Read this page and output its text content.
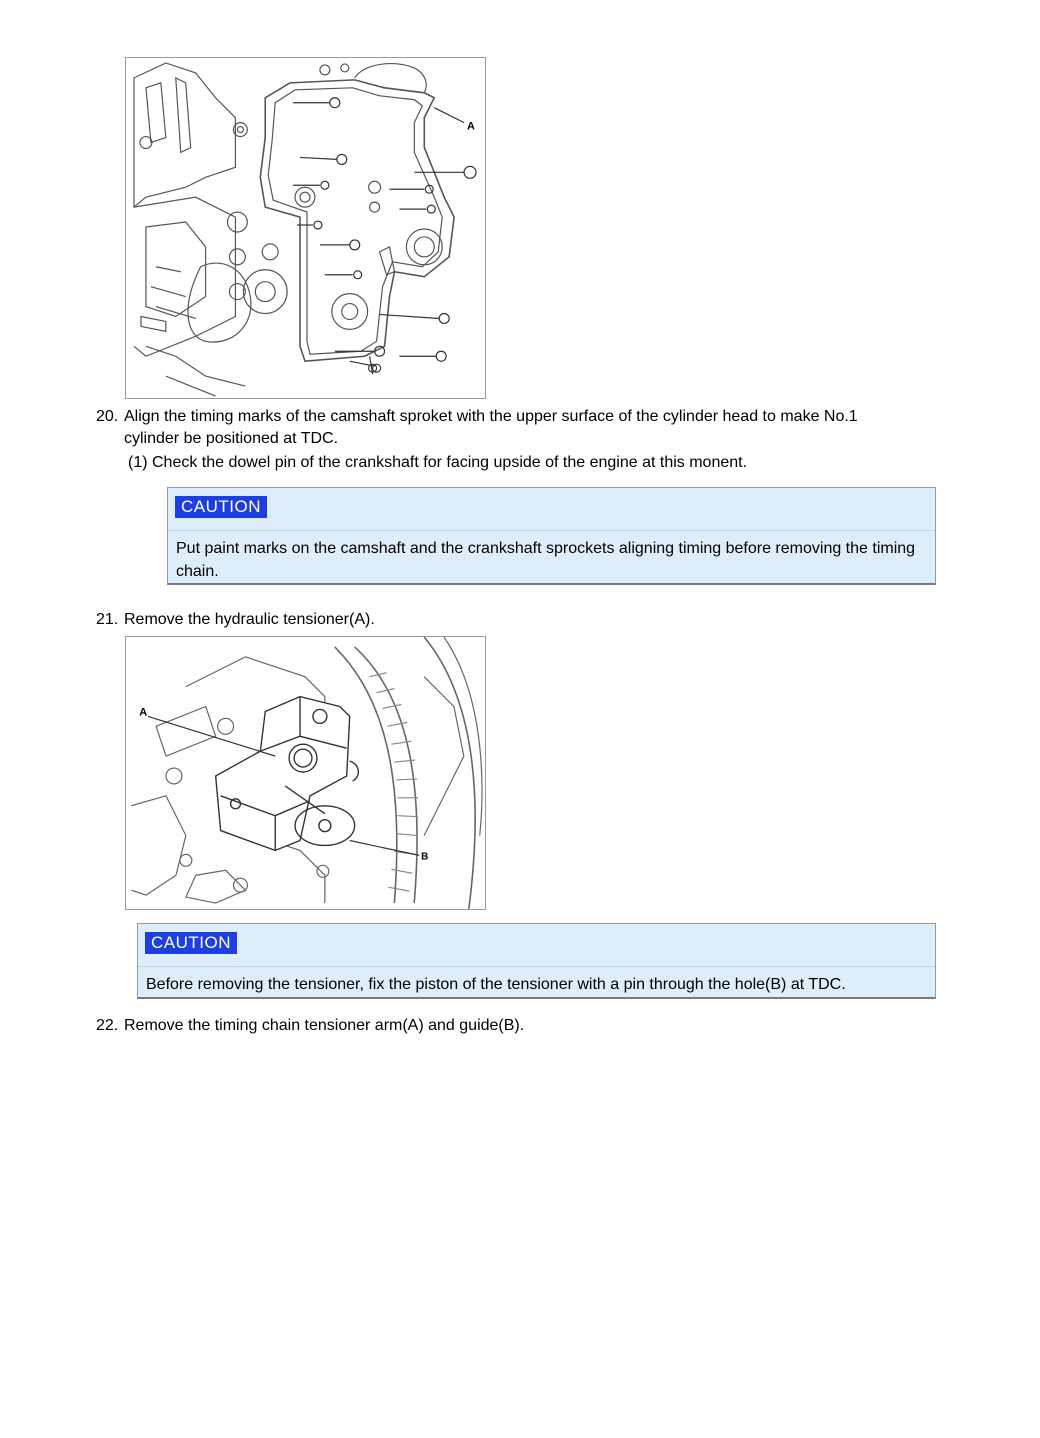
A
20. Align the timing marks of the camshaft sproket with the upper surface of the cylinder head to make No.1
cylinder be positioned at TDC.
(1) Check the dowel pin of the crankshaft for facing upside of the engine at this monent.
CAUTION
Put paint marks on the camshaft and the crankshaft sprockets aligning timing before removing the timing chain.
21. Remove the hydraulic tensioner(A).
A
B
CAUTION
Before removing the tensioner, fix the piston of the tensioner with a pin through the hole(B) at TDC.
22. Remove the timing chain tensioner arm(A) and guide(B).
